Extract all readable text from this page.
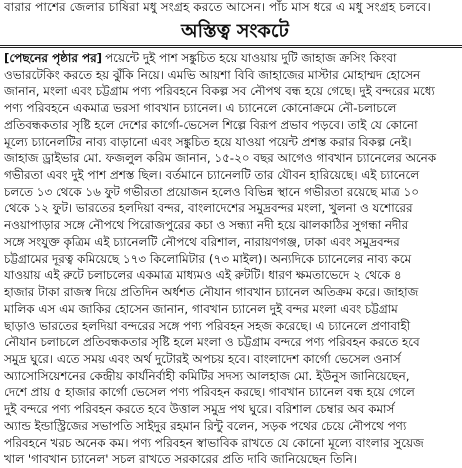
বারার পাশের জেলার চাষিরা মধু সংগ্রহ করতে আসেন। পাঁচ মাস ধরে এ মধু সংগ্রহ চলবে।
অস্তিত্ব সংকটে
[পেছনের পৃষ্ঠার পর] পয়েন্টে দুই পাশ সঙ্কুচিত হয়ে যাওয়ায় দুটি জাহাজ ক্রসিং কিংবা
ওভারটেকিং করতে হয় ঝুঁকি নিয়ে। এমভি আয়শা বিবি জাহাজের মাস্টার মোহাম্মদ হোসেন
জানান, মংলা এবং চট্টগ্রাম পণ্য পরিবহনে বিকল্প সব নৌপথ বন্ধ হয়ে গেছে। দুই বন্দরের মধ্যে
পণ্য পরিবহনে একমাত্র ভরসা গাবখান চ্যানেল। এ চ্যানেলে কোনোক্রমে নৌ-চলাচলে
প্রতিবন্ধকতার সৃষ্টি হলে দেশের কার্গো-ভেসেল শিল্পে বিরূপ প্রভাব পড়বে। তাই যে কোনো
মূল্যে চ্যানেলটির নাব্য বাড়ানো এবং সঙ্কুচিত হয়ে যাওয়া পয়েন্ট প্রশস্ত করার বিকল্প নেই।
জাহাজ ড্রাইভার মো. ফজলুল করিম জানান, ১৫-২০ বছর আগেও গাবখান চ্যানেলের অনেক
গভীরতা এবং দুই পাশ প্রশস্ত ছিল। বর্তমানে চ্যানেলটি তার যৌবন হারিয়েছে। এই চ্যানেলে
চলতে ১৩ থেকে ১৬ ফুট গভীরতা প্রয়োজন হলেও বিভিন্ন স্থানে গভীরতা রয়েছে মাত্র ১০
থেকে ১২ ফুট। ভারতের হলদিয়া বন্দর, বাংলাদেশের সমুদ্রবন্দর মংলা, খুলনা ও যশোরের
নওয়াপাড়ার সঙ্গে নৌপথে পিরোজপুরের কচা ও সন্ধ্যা নদী হয়ে ঝালকাঠির সুগন্ধা নদীর
সঙ্গে সংযুক্ত কৃত্রিম এই চ্যানেলটি নৌপথে বরিশাল, নারায়ণগঞ্জ, ঢাকা এবং সমুদ্রবন্দর
চট্টগ্রামের দূরত্ব কমিয়েছে ১৭৩ কিলোমিটার (৭৩ মাইল)। অন্যদিকে চ্যানেলের নাব্য কমে
যাওয়ায় এই রুটে চলাচলের একমাত্র মাধ্যমও এই রুটটি। ধারণ ক্ষমতাভেদে ২ থেকে ৪
হাজার টাকা রাজস্ব দিয়ে প্রতিদিন অর্ধশত নৌযান গাবখান চ্যানেল অতিক্রম করে। জাহাজ
মালিক এস এম জাকির হোসেন জানান, গাবখান চ্যানেল দুই বন্দর মংলা এবং চট্টগ্রাম
ছাড়াও ভারতের হলদিয়া বন্দরের সঙ্গে পণ্য পরিবহন সহজ করেছে। এ চ্যানেলে প্রণাবাহী
নৌযান চলাচলে প্রতিবন্ধকতার সৃষ্টি হলে মংলা ও চট্টগ্রাম বন্দরে পণ্য পরিবহন করতে হবে
সমুদ্র ঘুরে। এতে সময় এবং অর্থ দুটোরই অপচয় হবে। বাংলাদেশ কার্গো ভেসেল ওনার্স
অ্যাসোসিয়েশনের কেন্দ্রীয় কার্যনির্বাহী কমিটির সদস্য আলহাজ মো. ইউনুস জানিয়েছেন,
দেশে প্রায় ৫ হাজার কার্গো ভেসেল পণ্য পরিবহন করছে। গাবখান চ্যানেল বন্ধ হয়ে গেলে
দুই বন্দরে পণ্য পরিবহন করতে হবে উত্তাল সমুদ্র পথ ঘুরে। বরিশাল চেম্বার অব কমার্স
অ্যান্ড ইন্ডাস্ট্রিজের সভাপতি সাইদুর রহমান রিন্টু বলেন, সড়ক পথের চেয়ে নৌপথে পণ্য
পরিবহনে খরচ অনেক কম। পণ্য পরিবহন স্বাভাবিক রাখতে যে কোনো মূল্যে বাংলার সুয়েজ
খাল 'গাবখান চ্যানেল' সচল রাখতে সরকারের প্রতি দাবি জানিয়েছেন তিনি।
